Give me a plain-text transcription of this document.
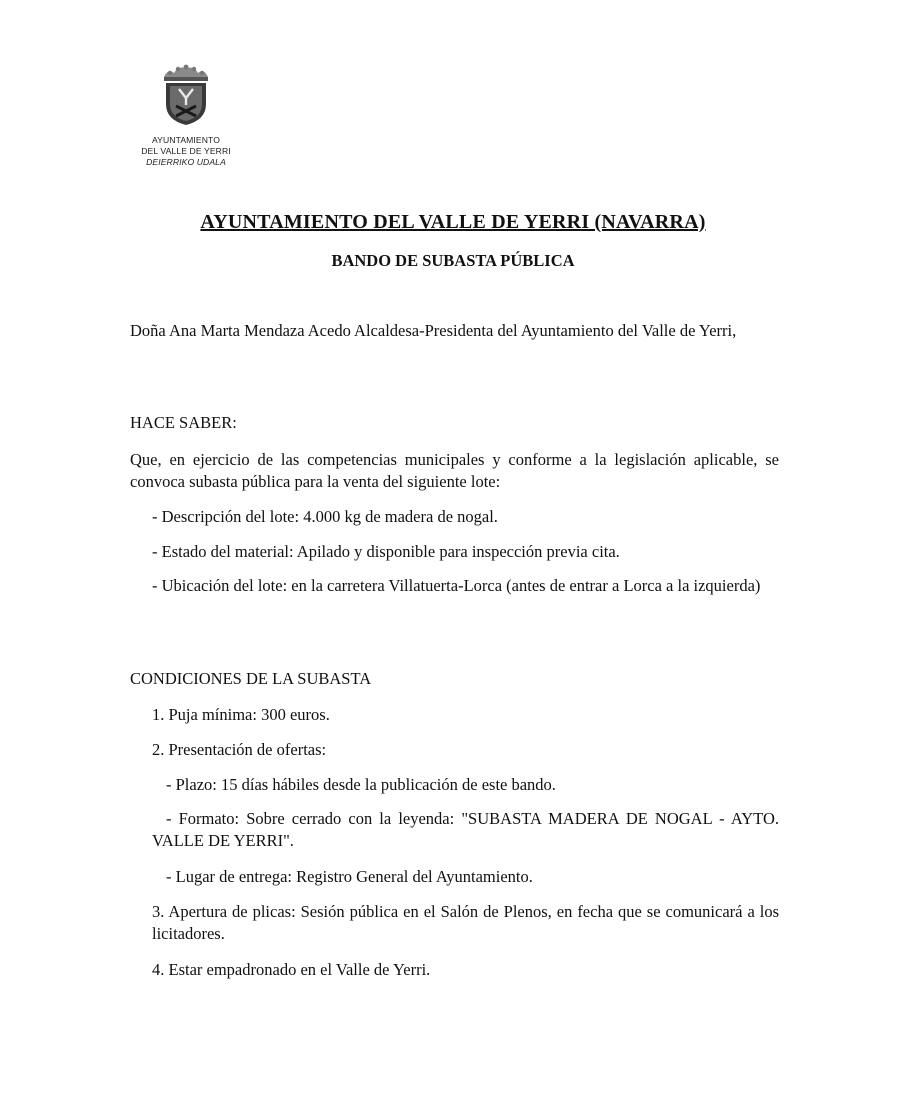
AYUNTAMIENTO
DEL VALLE DE YERRI
DEIERRIKO UDALA
AYUNTAMIENTO DEL VALLE DE YERRI (NAVARRA)
BANDO DE SUBASTA PÚBLICA
Doña Ana Marta Mendaza Acedo Alcaldesa-Presidenta del Ayuntamiento del Valle de Yerri,
HACE SABER:
Que, en ejercicio de las competencias municipales y conforme a la legislación aplicable, se convoca subasta pública para la venta del siguiente lote:
- Descripción del lote: 4.000 kg de madera de nogal.
- Estado del material: Apilado y disponible para inspección previa cita.
- Ubicación del lote: en la carretera Villatuerta-Lorca (antes de entrar a Lorca a la izquierda)
CONDICIONES DE LA SUBASTA
1. Puja mínima: 300 euros.
2. Presentación de ofertas:
- Plazo: 15 días hábiles desde la publicación de este bando.
- Formato: Sobre cerrado con la leyenda: "SUBASTA MADERA DE NOGAL - AYTO. VALLE DE YERRI".
- Lugar de entrega: Registro General del Ayuntamiento.
3. Apertura de plicas: Sesión pública en el Salón de Plenos, en fecha que se comunicará a los licitadores.
4. Estar empadronado en el Valle de Yerri.
